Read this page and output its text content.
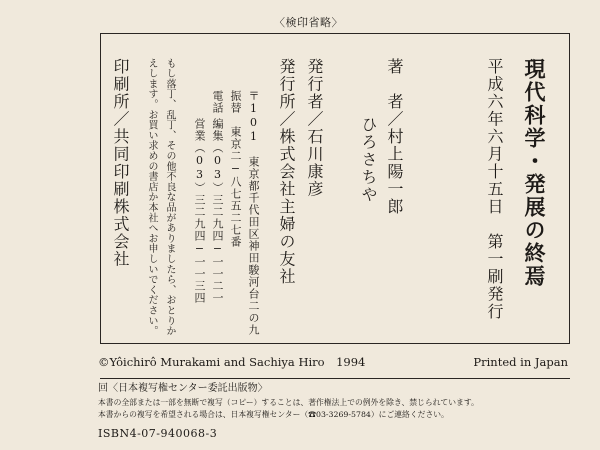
〈検印省略〉

現代科学・発展の終焉

平成六年六月十五日　第一刷発行

著　者／村上陽一郎

ひろさちや

発行者／石川康彦

発行所／株式会社主婦の友社

〒101　東京都千代田区神田駿河台二の九

振替　東京二−八七五二七番

電話

編集（03）三二九四−一一二一

営業（03）三二九四−一一三四

もし落丁、乱丁、その他不良な品がありましたら、おとりか

えします。お買い求めの書店か本社へお申しいでください。

印刷所／共同印刷株式会社

©Yôichirô Murakami and Sachiya Hiro　1994	Printed in Japan
回〈日本複写権センター委託出版物〉
本書の全部または一部を無断で複写（コピー）することは、著作権法上での例外を除き、禁じられています。
本書からの複写を希望される場合は、日本複写権センター（☎03-3269-5784）にご連絡ください。
ISBN4-07-940068-3
